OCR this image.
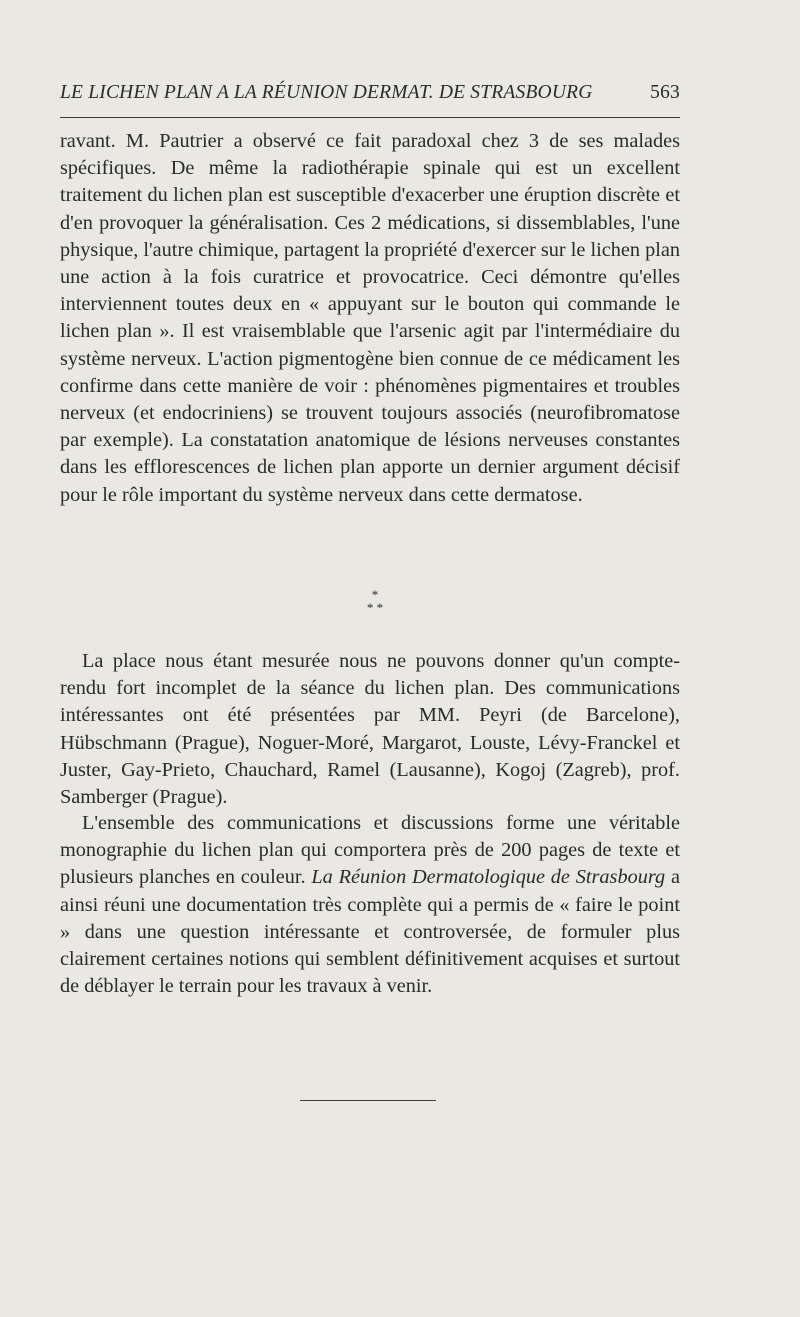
LE LICHEN PLAN A LA RÉUNION DERMAT. DE STRASBOURG	563

ravant. M. Pautrier a observé ce fait paradoxal chez 3 de ses malades spécifiques. De même la radiothérapie spinale qui est un excellent traitement du lichen plan est susceptible d'exacerber une éruption discrète et d'en provoquer la généralisation. Ces 2 médications, si dissemblables, l'une physique, l'autre chimique, partagent la propriété d'exercer sur le lichen plan une action à la fois curatrice et provocatrice. Ceci démontre qu'elles interviennent toutes deux en « appuyant sur le bouton qui commande le lichen plan ». Il est vraisemblable que l'arsenic agit par l'intermédiaire du système nerveux. L'action pigmentogène bien connue de ce médicament les confirme dans cette manière de voir : phénomènes pigmentaires et troubles nerveux (et endocriniens) se trouvent toujours associés (neurofibromatose par exemple). La constatation anatomique de lésions nerveuses constantes dans les efflorescences de lichen plan apporte un dernier argument décisif pour le rôle important du système nerveux dans cette dermatose.

*
* *

La place nous étant mesurée nous ne pouvons donner qu'un compte-rendu fort incomplet de la séance du lichen plan. Des communications intéressantes ont été présentées par MM. Peyri (de Barcelone), Hübschmann (Prague), Noguer-Moré, Margarot, Louste, Lévy-Franckel et Juster, Gay-Prieto, Chauchard, Ramel (Lausanne), Kogoj (Zagreb), prof. Samberger (Prague).

L'ensemble des communications et discussions forme une véritable monographie du lichen plan qui comportera près de 200 pages de texte et plusieurs planches en couleur. La Réunion Dermatologique de Strasbourg a ainsi réuni une documentation très complète qui a permis de « faire le point » dans une question intéressante et controversée, de formuler plus clairement certaines notions qui semblent définitivement acquises et surtout de déblayer le terrain pour les travaux à venir.
